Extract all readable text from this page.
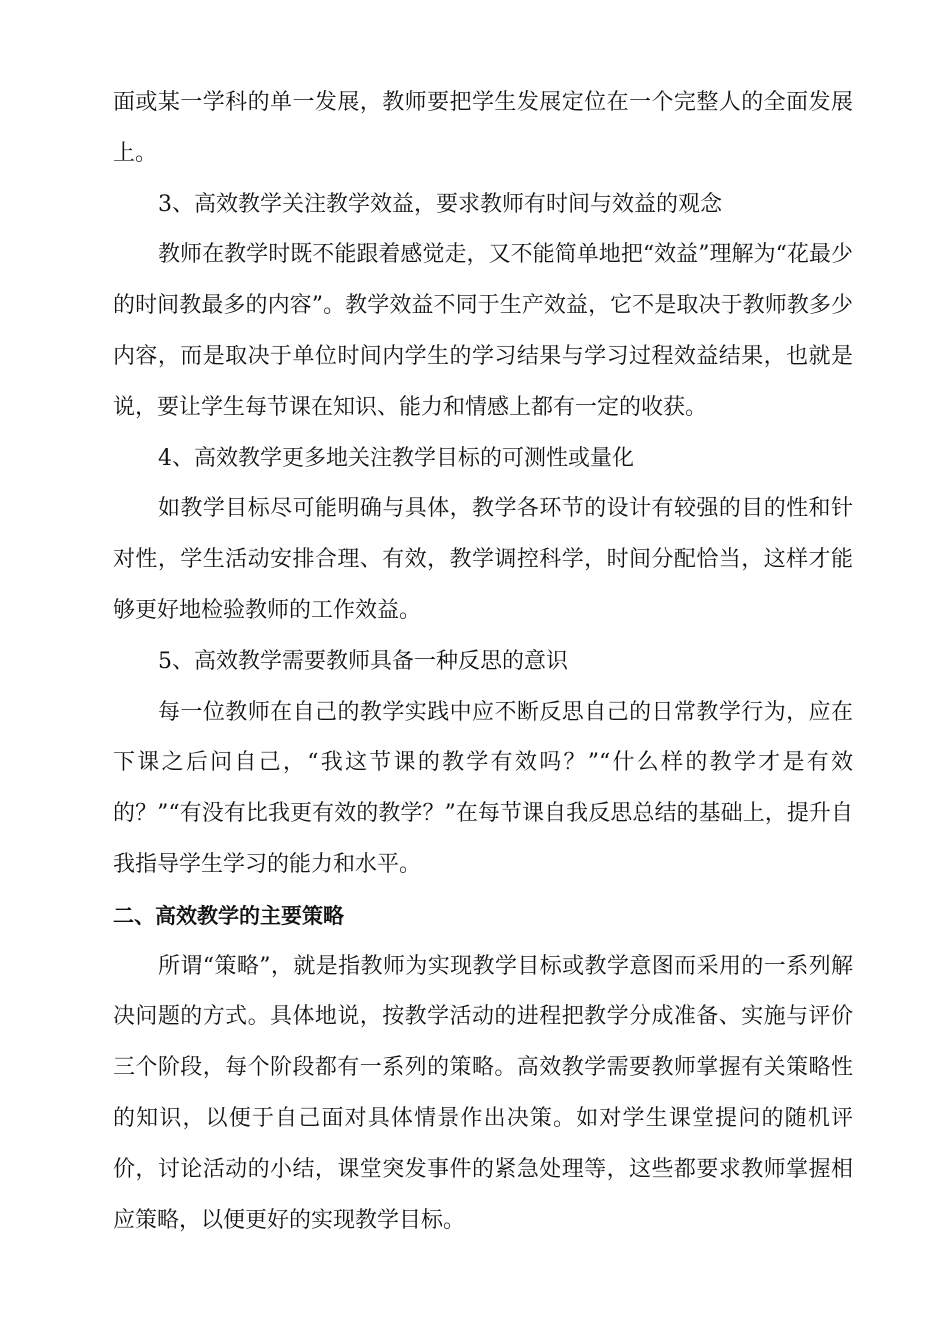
面或某一学科的单一发展，教师要把学生发展定位在一个完整人的全面发展上。

3、高效教学关注教学效益，要求教师有时间与效益的观念

教师在教学时既不能跟着感觉走，又不能简单地把“效益”理解为“花最少的时间教最多的内容”。教学效益不同于生产效益，它不是取决于教师教多少内容，而是取决于单位时间内学生的学习结果与学习过程效益结果，也就是说，要让学生每节课在知识、能力和情感上都有一定的收获。

4、高效教学更多地关注教学目标的可测性或量化

如教学目标尽可能明确与具体，教学各环节的设计有较强的目的性和针对性，学生活动安排合理、有效，教学调控科学，时间分配恰当，这样才能够更好地检验教师的工作效益。

5、高效教学需要教师具备一种反思的意识

每一位教师在自己的教学实践中应不断反思自己的日常教学行为，应在下课之后问自己，“我这节课的教学有效吗？”“什么样的教学才是有效的？”“有没有比我更有效的教学？”在每节课自我反思总结的基础上，提升自我指导学生学习的能力和水平。

二、高效教学的主要策略

所谓“策略”，就是指教师为实现教学目标或教学意图而采用的一系列解决问题的方式。具体地说，按教学活动的进程把教学分成准备、实施与评价三个阶段，每个阶段都有一系列的策略。高效教学需要教师掌握有关策略性的知识，以便于自己面对具体情景作出决策。如对学生课堂提问的随机评价，讨论活动的小结，课堂突发事件的紧急处理等，这些都要求教师掌握相应策略，以便更好的实现教学目标。
